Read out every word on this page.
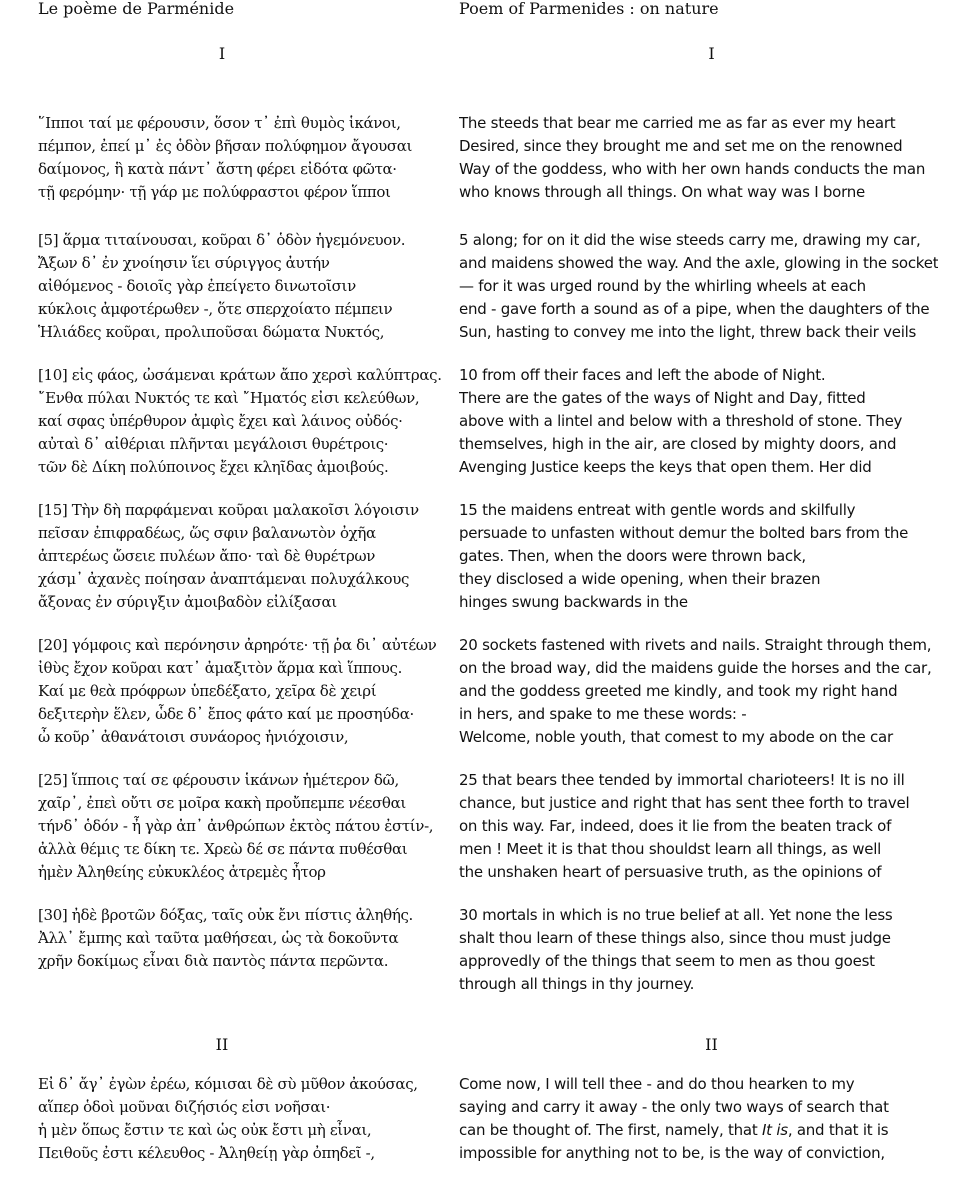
Le poème de Parménide
I
῞Ιπποι ταί με φέρουσιν, ὅσον τ᾽ ἐπὶ θυμὸς ἱκάνοι,
πέμπον, ἐπεί μ᾽ ἐς ὁδὸν βῆσαν πολύφημον ἄγουσαι
δαίμονος, ἣ κατὰ πάντ᾽ ἄστη φέρει εἰδότα φῶτα·
τῇ φερόμην· τῇ γάρ με πολύφραστοι φέρον ἵπποι
[5] ἅρμα τιταίνουσαι, κοῦραι δ᾽ ὁδὸν ἡγεμόνευον.
Ἄξων δ᾽ ἐν χνοίησιν ἵει σύριγγος ἀυτήν
αἰθόμενος - δοιοῖς γὰρ ἐπείγετο δινωτοῖσιν
κύκλοις ἀμφοτέρωθεν -, ὅτε σπερχοίατο πέμπειν
Ἡλιάδες κοῦραι, προλιποῦσαι δώματα Νυκτός,
[10] εἰς φάος, ὠσάμεναι κράτων ἄπο χερσὶ καλύπτρας.
῎Ενθα πύλαι Νυκτός τε καὶ ῎Ηματός εἰσι κελεύθων,
καί σφας ὑπέρθυρον ἀμφὶς ἔχει καὶ λάινος οὐδός·
αὐταὶ δ᾽ αἰθέριαι πλῆνται μεγάλοισι θυρέτροις·
τῶν δὲ Δίκη πολύποινος ἔχει κληῖδας ἀμοιβούς.
[15] Τὴν δὴ παρφάμεναι κοῦραι μαλακοῖσι λόγοισιν
πεῖσαν ἐπιφραδέως, ὥς σφιν βαλανωτὸν ὀχῆα
ἀπτερέως ὤσειε πυλέων ἄπο· ταὶ δὲ θυρέτρων
χάσμ᾽ ἀχανὲς ποίησαν ἀναπτάμεναι πολυχάλκους
ἄξονας ἐν σύριγξιν ἀμοιβαδὸν εἰλίξασαι
[20] γόμφοις καὶ περόνησιν ἀρηρότε· τῇ ῥα δι᾽ αὐτέων
ἰθὺς ἔχον κοῦραι κατ᾽ ἀμαξιτὸν ἅρμα καὶ ἵππους.
Καί με θεὰ πρόφρων ὑπεδέξατο, χεῖρα δὲ χειρί
δεξιτερὴν ἕλεν, ὧδε δ᾽ ἔπος φάτο καί με προσηύδα·
ὦ κοῦρ᾽ ἀθανάτοισι συνάορος ἡνιόχοισιν,
[25] ἵπποις ταί σε φέρουσιν ἱκάνων ἡμέτερον δῶ,
χαῖρ᾽, ἐπεὶ οὔτι σε μοῖρα κακὴ προὔπεμπε νέεσθαι
τήνδ᾽ ὁδόν - ἦ γὰρ ἀπ᾽ ἀνθρώπων ἐκτὸς πάτου ἐστίν-,
ἀλλὰ θέμις τε δίκη τε. Χρεὼ δέ σε πάντα πυθέσθαι
ἠμὲν Ἀληθείης εὐκυκλέος ἀτρεμὲς ἦτορ
[30] ἠδὲ βροτῶν δόξας, ταῖς οὐκ ἔνι πίστις ἀληθής.
Ἀλλ᾽ ἔμπης καὶ ταῦτα μαθήσεαι, ὡς τὰ δοκοῦντα
χρῆν δοκίμως εἶναι διὰ παντὸς πάντα περῶντα.
II
Εἰ δ᾽ ἄγ᾽ ἐγὼν ἐρέω, κόμισαι δὲ σὺ μῦθον ἀκούσας,
αἵπερ ὁδοὶ μοῦναι διζήσιός εἰσι νοῆσαι·
ἡ μὲν ὅπως ἔστιν τε καὶ ὡς οὐκ ἔστι μὴ εἶναι,
Πειθοῦς ἐστι κέλευθος - Ἀληθείῃ γὰρ ὀπηδεῖ -,
Poem of Parmenides : on nature
I
The steeds that bear me carried me as far as ever my heart
Desired, since they brought me and set me on the renowned
Way of the goddess, who with her own hands conducts the man
who knows through all things. On what way was I borne
5 along; for on it did the wise steeds carry me, drawing my car,
and maidens showed the way. And the axle, glowing in the socket
— for it was urged round by the whirling wheels at each
end - gave forth a sound as of a pipe, when the daughters of the
Sun, hasting to convey me into the light, threw back their veils
10 from off their faces and left the abode of Night.
There are the gates of the ways of Night and Day, fitted
above with a lintel and below with a threshold of stone. They
themselves, high in the air, are closed by mighty doors, and
Avenging Justice keeps the keys that open them. Her did
15 the maidens entreat with gentle words and skilfully
persuade to unfasten without demur the bolted bars from the
gates. Then, when the doors were thrown back,
they disclosed a wide opening, when their brazen
hinges swung backwards in the
20 sockets fastened with rivets and nails. Straight through them,
on the broad way, did the maidens guide the horses and the car,
and the goddess greeted me kindly, and took my right hand
in hers, and spake to me these words: -
Welcome, noble youth, that comest to my abode on the car
25 that bears thee tended by immortal charioteers! It is no ill
chance, but justice and right that has sent thee forth to travel
on this way. Far, indeed, does it lie from the beaten track of
men ! Meet it is that thou shouldst learn all things, as well
the unshaken heart of persuasive truth, as the opinions of
30 mortals in which is no true belief at all. Yet none the less
shalt thou learn of these things also, since thou must judge
approvedly of the things that seem to men as thou goest
through all things in thy journey.
II
Come now, I will tell thee - and do thou hearken to my
saying and carry it away - the only two ways of search that
can be thought of. The first, namely, that It is, and that it is
impossible for anything not to be, is the way of conviction,
